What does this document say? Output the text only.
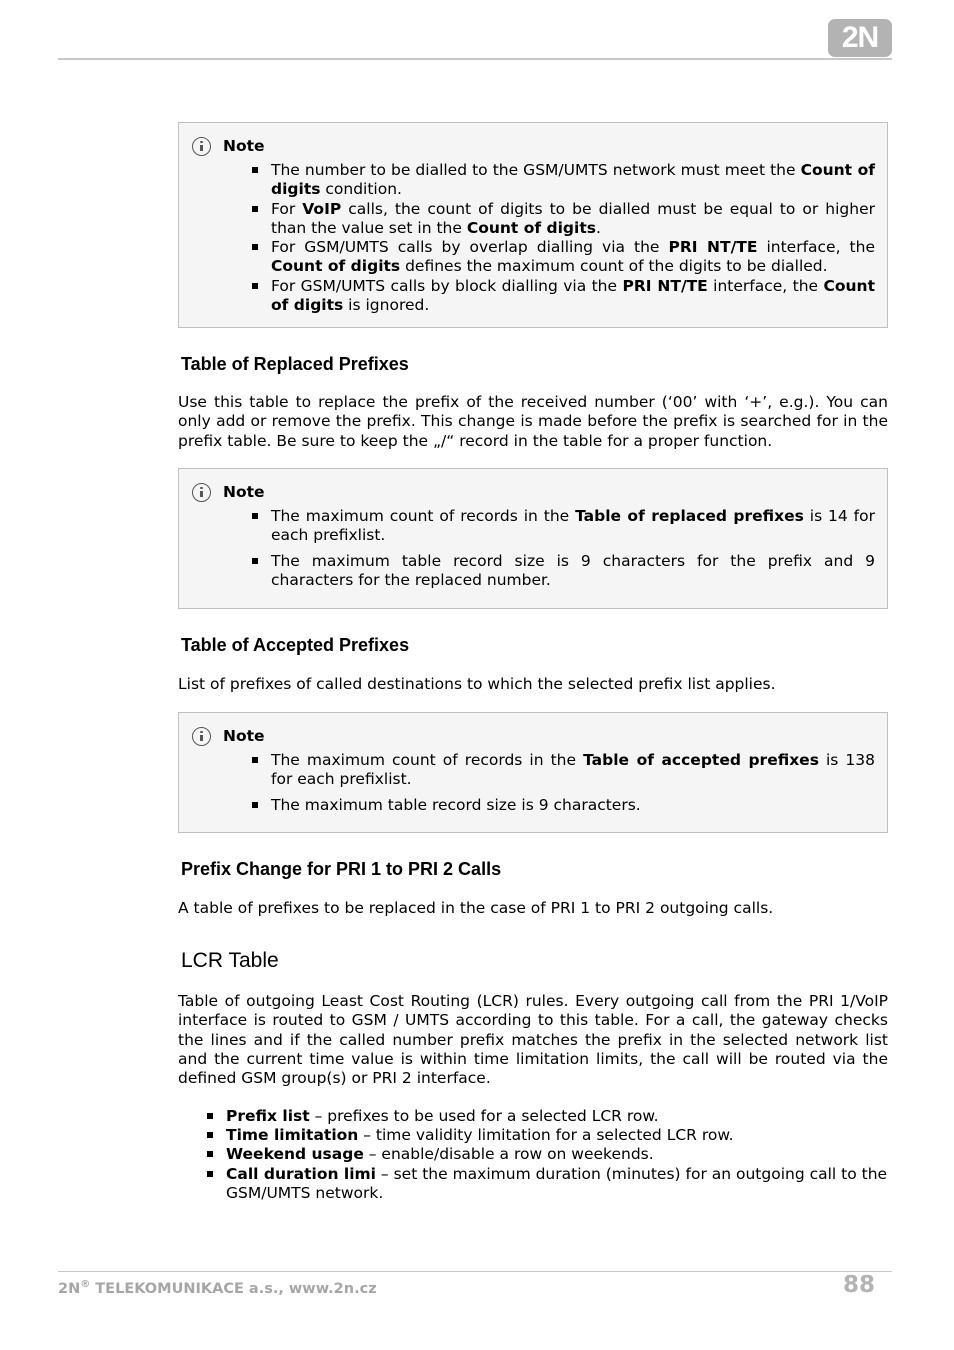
2N
Note
The number to be dialled to the GSM/UMTS network must meet the Count of digits condition.
For VoIP calls, the count of digits to be dialled must be equal to or higher than the value set in the Count of digits.
For GSM/UMTS calls by overlap dialling via the PRI NT/TE interface, the Count of digits defines the maximum count of the digits to be dialled.
For GSM/UMTS calls by block dialling via the PRI NT/TE interface, the Count of digits is ignored.
Table of Replaced Prefixes

Use this table to replace the prefix of the received number (‘00’ with ‘+’, e.g.). You can only add or remove the prefix. This change is made before the prefix is searched for in the prefix table. Be sure to keep the „/“ record in the table for a proper function.

Note
The maximum count of records in the Table of replaced prefixes is 14 for each prefixlist.
The maximum table record size is 9 characters for the prefix and 9 characters for the replaced number.
Table of Accepted Prefixes

List of prefixes of called destinations to which the selected prefix list applies.

Note
The maximum count of records in the Table of accepted prefixes is 138 for each prefixlist.
The maximum table record size is 9 characters.
Prefix Change for PRI 1 to PRI 2 Calls

A table of prefixes to be replaced in the case of PRI 1 to PRI 2 outgoing calls.

LCR Table

Table of outgoing Least Cost Routing (LCR) rules. Every outgoing call from the PRI 1/VoIP interface is routed to GSM / UMTS according to this table. For a call, the gateway checks the lines and if the called number prefix matches the prefix in the selected network list and the current time value is within time limitation limits, the call will be routed via the defined GSM group(s) or PRI 2 interface.

Prefix list – prefixes to be used for a selected LCR row.
Time limitation – time validity limitation for a selected LCR row.
Weekend usage – enable/disable a row on weekends.
Call duration limi – set the maximum duration (minutes) for an outgoing call to the GSM/UMTS network.
2N® TELEKOMUNIKACE a.s., www.2n.cz	88
